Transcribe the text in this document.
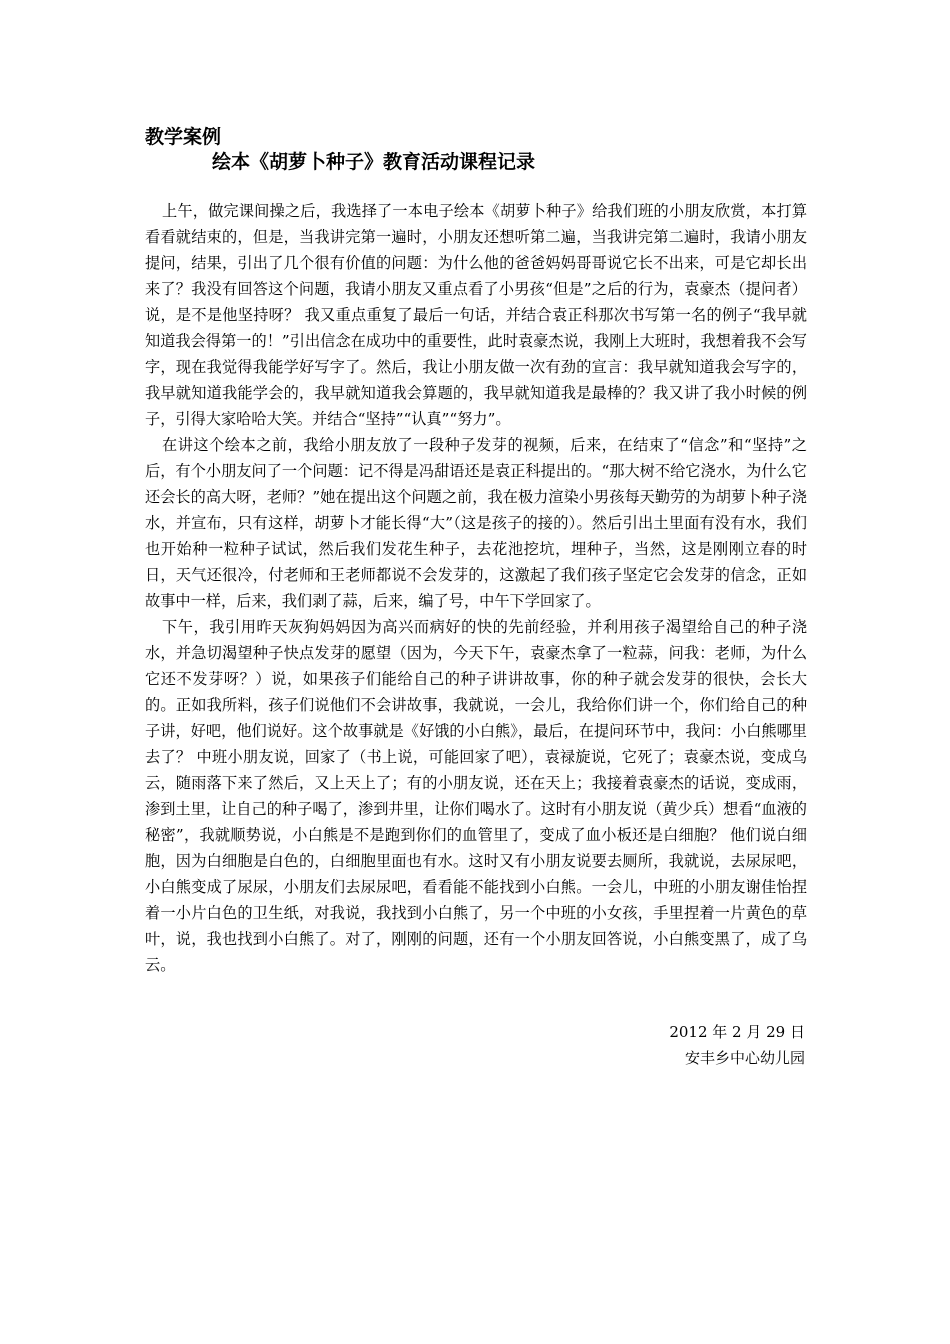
教学案例
绘本《胡萝卜种子》教育活动课程记录

上午，做完课间操之后，我选择了一本电子绘本《胡萝卜种子》给我们班的小朋友欣赏，本打算看看就结束的，但是，当我讲完第一遍时，小朋友还想听第二遍，当我讲完第二遍时，我请小朋友提问，结果，引出了几个很有价值的问题：为什么他的爸爸妈妈哥哥说它长不出来，可是它却长出来了？我没有回答这个问题，我请小朋友又重点看了小男孩“但是”之后的行为，袁豪杰（提问者）说，是不是他坚持呀？ 我又重点重复了最后一句话，并结合袁正科那次书写第一名的例子“我早就知道我会得第一的！”引出信念在成功中的重要性，此时袁豪杰说，我刚上大班时，我想着我不会写字，现在我觉得我能学好写字了。然后，我让小朋友做一次有劲的宣言：我早就知道我会写字的，我早就知道我能学会的，我早就知道我会算题的，我早就知道我是最棒的？我又讲了我小时候的例子，引得大家哈哈大笑。并结合“坚持”“认真”“努力”。

在讲这个绘本之前，我给小朋友放了一段种子发芽的视频，后来，在结束了“信念”和“坚持”之后，有个小朋友问了一个问题：记不得是冯甜语还是袁正科提出的。“那大树不给它浇水，为什么它还会长的高大呀，老师？”她在提出这个问题之前，我在极力渲染小男孩每天勤劳的为胡萝卜种子浇水，并宣布，只有这样，胡萝卜才能长得“大”（这是孩子的接的）。然后引出土里面有没有水，我们也开始种一粒种子试试，然后我们发花生种子，去花池挖坑，埋种子，当然，这是刚刚立春的时日，天气还很冷，付老师和王老师都说不会发芽的，这激起了我们孩子坚定它会发芽的信念，正如故事中一样，后来，我们剥了蒜，后来，编了号，中午下学回家了。

下午，我引用昨天灰狗妈妈因为高兴而病好的快的先前经验，并利用孩子渴望给自己的种子浇水，并急切渴望种子快点发芽的愿望（因为，今天下午，袁豪杰拿了一粒蒜，问我：老师，为什么它还不发芽呀？）说，如果孩子们能给自己的种子讲讲故事，你的种子就会发芽的很快，会长大的。正如我所料，孩子们说他们不会讲故事，我就说，一会儿，我给你们讲一个，你们给自己的种子讲，好吧，他们说好。这个故事就是《好饿的小白熊》，最后，在提问环节中，我问：小白熊哪里去了？ 中班小朋友说，回家了（书上说，可能回家了吧），袁禄旋说，它死了；袁豪杰说，变成乌云，随雨落下来了然后，又上天上了；有的小朋友说，还在天上；我接着袁豪杰的话说，变成雨，渗到土里，让自己的种子喝了，渗到井里，让你们喝水了。这时有小朋友说（黄少兵）想看“血液的秘密”，我就顺势说，小白熊是不是跑到你们的血管里了，变成了血小板还是白细胞？ 他们说白细胞，因为白细胞是白色的，白细胞里面也有水。这时又有小朋友说要去厕所，我就说，去尿尿吧，小白熊变成了尿尿，小朋友们去尿尿吧，看看能不能找到小白熊。一会儿，中班的小朋友谢佳怡捏着一小片白色的卫生纸，对我说，我找到小白熊了，另一个中班的小女孩，手里捏着一片黄色的草叶，说，我也找到小白熊了。对了，刚刚的问题，还有一个小朋友回答说，小白熊变黑了，成了乌云。

2012 年 2 月 29 日
安丰乡中心幼儿园
